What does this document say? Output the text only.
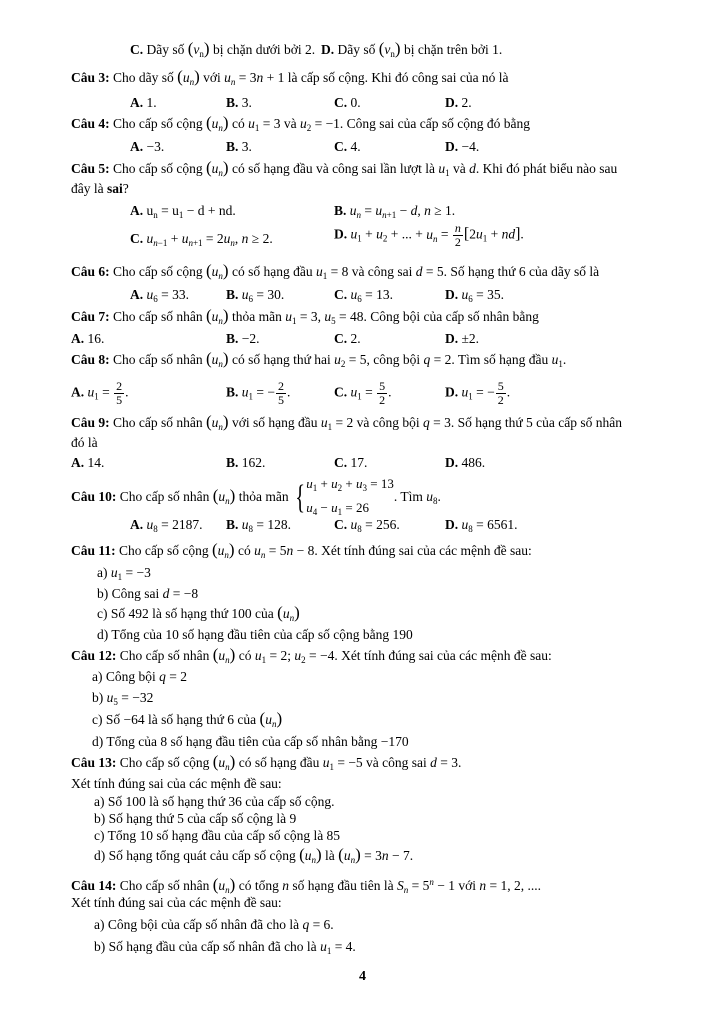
C. Dãy số $(v_n)$ bị chặn dưới bởi 2. D. Dãy số $(v_n)$ bị chặn trên bởi 1.
Câu 3: Cho dãy số $(u_n)$ với $u_n = 3n + 1$ là cấp số cộng. Khi đó công sai của nó là
A. 1.	B. 3.	C. 0.	D. 2.
Câu 4: Cho cấp số cộng $(u_n)$ có $u_1 = 3$ và $u_2 = -1$. Công sai của cấp số cộng đó bằng
A. −3.	B. 3.	C. 4.	D. −4.
Câu 5: Cho cấp số cộng $(u_n)$ có số hạng đầu và công sai lần lượt là $u_1$ và d. Khi đó phát biểu nào sau
đây là sai?
A. $u_n = u_1 - d$ + nd.	B. $u_n = u_{n+1} - d$, n ≥ 1.
C. $u_{n-1} + u_{n+1} = 2u_n$, n ≥ 2.	D. $u_1 + u_2$ + ... + $u_n = \frac{n}{2} [2u_1 + nd]$.
Câu 6: Cho cấp số cộng $(u_n)$ có số hạng đầu $u_1 = 8$ và công sai d = 5. Số hạng thứ 6 của dãy số là
A. $u_6 = 33$.	B. $u_6 = 30$.	C. $u_6 = 13$.	D. $u_6 = 35$.
Câu 7: Cho cấp số nhân $(u_n)$ thỏa mãn $u_1 = 3$, $u_5 = 48$. Công bội của cấp số nhân bằng
A. 16.	B. −2.	C. 2.	D. ±2.
Câu 8: Cho cấp số nhân $(u_n)$ có số hạng thứ hai $u_2 = 5$, công bội q = 2. Tìm số hạng đầu $u_1$.
A. $u_1 = \frac{2}{5}$ .	B. $u_1$ = − $\frac{2}{5}$ .	C. $u_1 = \frac{5}{2}$ .	D. $u_1$ = − $\frac{5}{2}$ .
Câu 9: Cho cấp số nhân $(u_n)$ với số hạng đầu $u_1 = 2$ và công bội q = 3. Số hạng thứ 5 của cấp số nhân
đó là
A. 14.	B. 162.	C. 17.	D. 486.
Câu 10: Cho cấp số nhân $(u_n)$ thỏa mãn { $u_1 + u_2 + u_3 = 13$
$u_4 - u_1 = 26$
. Tìm $u_8$.
A. $u_8 = 2187$. B. $u_8 = 128$.	C. $u_8 = 256$.	D. $u_8 = 6561$.
Câu 11: Cho cấp số cộng $(u_n)$ có $u_n = 5n - 8$. Xét tính đúng sai của các mệnh đề sau:
a) $u_1 = -3$
b) Công sai d = −8
c) Số 492 là số hạng thứ 100 của $(u_n)$
d) Tổng của 10 số hạng đầu tiên của cấp số cộng bằng 190
Câu 12: Cho cấp số nhân $(u_n)$ có $u_1 = 2$; $u_2 = -4$. Xét tính đúng sai của các mệnh đề sau:
a) Công bội q = 2
b) $u_5 = -32$
c) Số −64 là số hạng thứ 6 của $(u_n)$
d) Tổng của 8 số hạng đầu tiên của cấp số nhân bằng −170
Câu 13: Cho cấp số cộng $(u_n)$ có số hạng đầu $u_1 = -5$ và công sai d = 3.
Xét tính đúng sai của các mệnh đề sau:
a) Số 100 là số hạng thứ 36 của cấp số cộng.
b) Số hạng thứ 5 của cấp số cộng là 9
c) Tổng 10 số hạng đầu của cấp số cộng là 85
d) Số hạng tổng quát cảu cấp số cộng $(u_n)$ là $(u_n) = 3n - 7$.
Câu 14: Cho cấp số nhân $(u_n)$ có tổng n số hạng đầu tiên là $S_n = 5^n - 1$ với n = 1, 2, ....
Xét tính đúng sai của các mệnh đề sau:
a) Công bội của cấp số nhân đã cho là q = 6.
b) Số hạng đầu của cấp số nhân đã cho là $u_1 = 4$.
4
